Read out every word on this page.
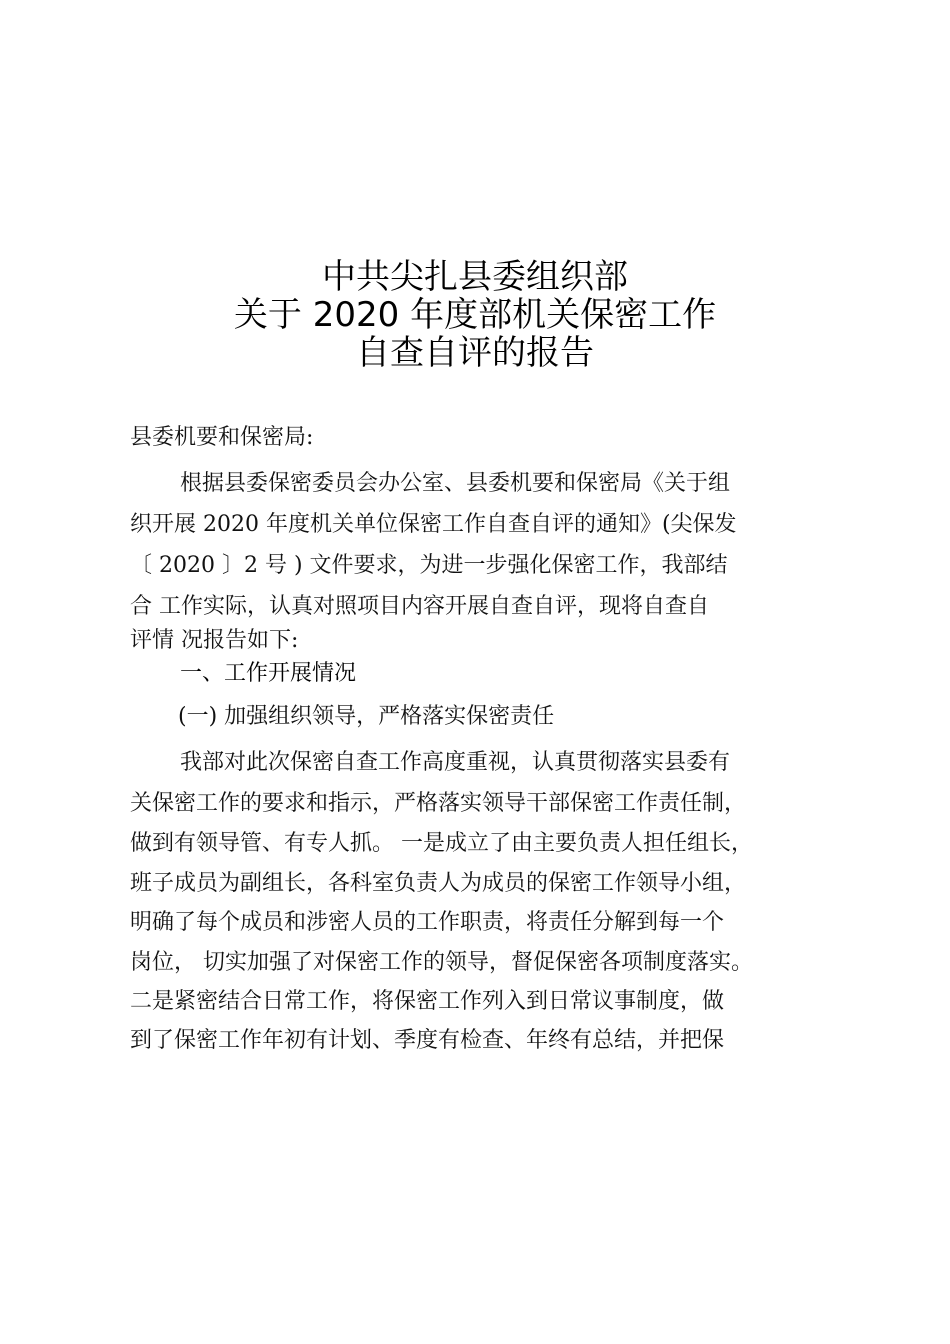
中共尖扎县委组织部
关于 2020 年度部机关保密工作
自查自评的报告
县委机要和保密局:
根据县委保密委员会办公室、县委机要和保密局《关于组
织开展 2020 年度机关单位保密工作自查自评的通知》(尖保发
〔 2020 〕2 号 ) 文件要求，为进一步强化保密工作，我部结
合 工作实际，认真对照项目内容开展自查自评，现将自查自
评情 况报告如下:
一、工作开展情况
(一) 加强组织领导，严格落实保密责任
我部对此次保密自查工作高度重视，认真贯彻落实县委有
关保密工作的要求和指示，严格落实领导干部保密工作责任制，
做到有领导管、有专人抓。 一是成立了由主要负责人担任组长，
班子成员为副组长，各科室负责人为成员的保密工作领导小组，
明确了每个成员和涉密人员的工作职责，将责任分解到每一个
岗位， 切实加强了对保密工作的领导，督促保密各项制度落实。
二是紧密结合日常工作，将保密工作列入到日常议事制度，做
到了保密工作年初有计划、季度有检查、年终有总结，并把保
